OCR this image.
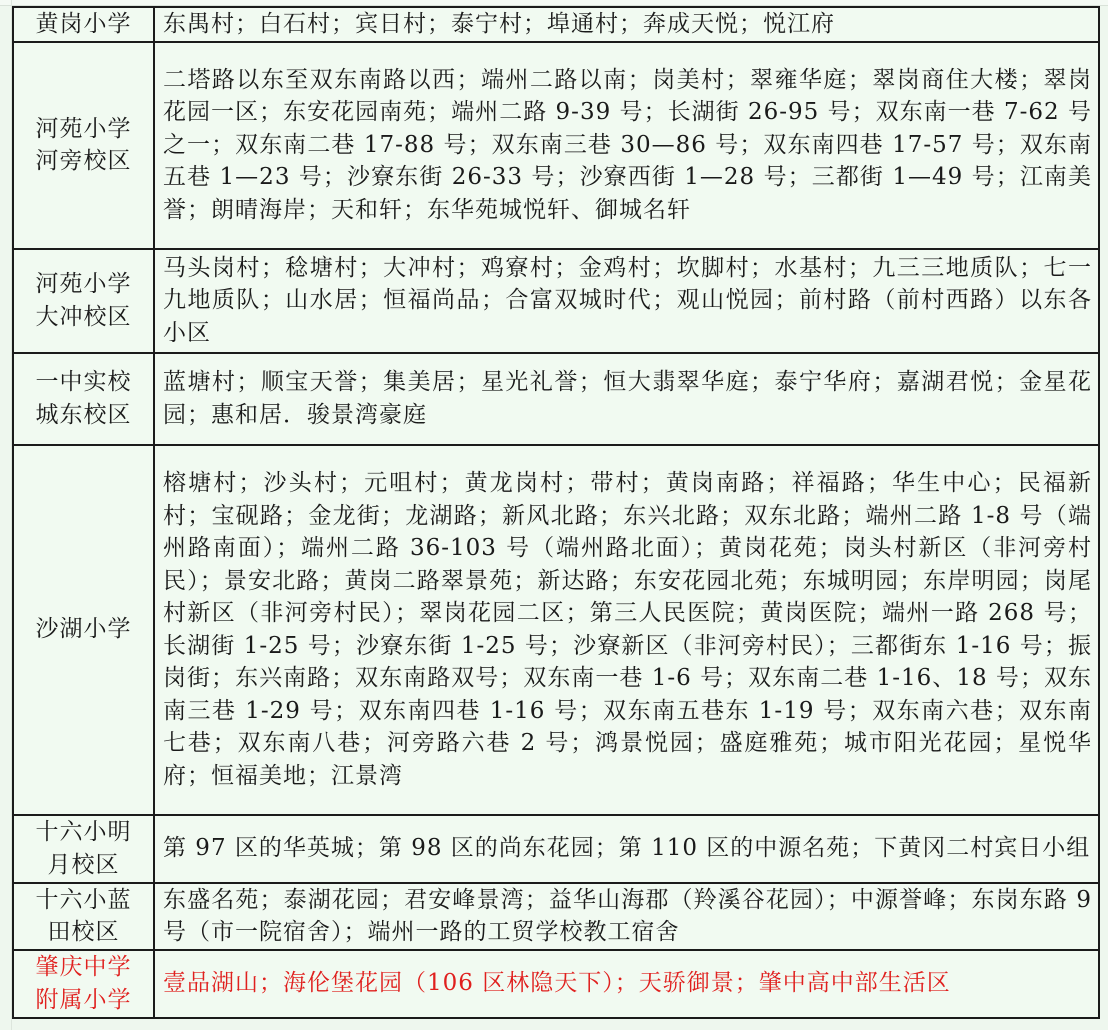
黄岗小学	东禺村；白石村；宾日村；泰宁村；埠通村；奔成天悦；悦江府

河苑小学
河旁校区	二塔路以东至双东南路以西；端州二路以南；岗美村；翠雍华庭；翠岗商住大楼；翠岗花园一区；东安花园南苑；端州二路 9-39 号；长湖街 26-95 号；双东南一巷 7-62 号之一；双东南二巷 17-88 号；双东南三巷 30—86 号；双东南四巷 17-57 号；双东南五巷 1—23 号；沙寮东街 26-33 号；沙寮西街 1—28 号；三都街 1—49 号；江南美誉；朗晴海岸；天和轩；东华苑城悦轩、御城名轩

河苑小学
大冲校区	马头岗村；稔塘村；大冲村；鸡寮村；金鸡村；坎脚村；水基村；九三三地质队；七一九地质队；山水居；恒福尚品；合富双城时代；观山悦园；前村路（前村西路）以东各小区

一中实校
城东校区	蓝塘村；顺宝天誉；集美居；星光礼誉；恒大翡翠华庭；泰宁华府；嘉湖君悦；金星花园；惠和居．骏景湾豪庭
沙湖小学	榕塘村；沙头村；元咀村；黄龙岗村；带村；黄岗南路；祥福路；华生中心；民福新村；宝砚路；金龙街；龙湖路；新风北路；东兴北路；双东北路；端州二路 1-8 号（端州路南面）；端州二路 36-103 号（端州路北面）；黄岗花苑；岗头村新区（非河旁村民）；景安北路；黄岗二路翠景苑；新达路；东安花园北苑；东城明园；东岸明园；岗尾村新区（非河旁村民）；翠岗花园二区；第三人民医院；黄岗医院；端州一路 268 号；长湖街 1-25 号；沙寮东街 1-25 号；沙寮新区（非河旁村民）；三都街东 1-16 号；振岗街；东兴南路；双东南路双号；双东南一巷 1-6 号；双东南二巷 1-16、18 号；双东南三巷 1-29 号；双东南四巷 1-16 号；双东南五巷东 1-19 号；双东南六巷；双东南七巷；双东南八巷；河旁路六巷 2 号；鸿景悦园；盛庭雅苑；城市阳光花园；星悦华府；恒福美地；江景湾

十六小明
月校区	第 97 区的华英城；第 98 区的尚东花园；第 110 区的中源名苑；下黄冈二村宾日小组

十六小蓝
田校区	东盛名苑；泰湖花园；君安峰景湾；益华山海郡（羚溪谷花园）；中源誉峰；东岗东路 9号（市一院宿舍）；端州一路的工贸学校教工宿舍

肇庆中学
附属小学	壹品湖山；海伦堡花园（106 区林隐天下）；天骄御景；肇中高中部生活区
